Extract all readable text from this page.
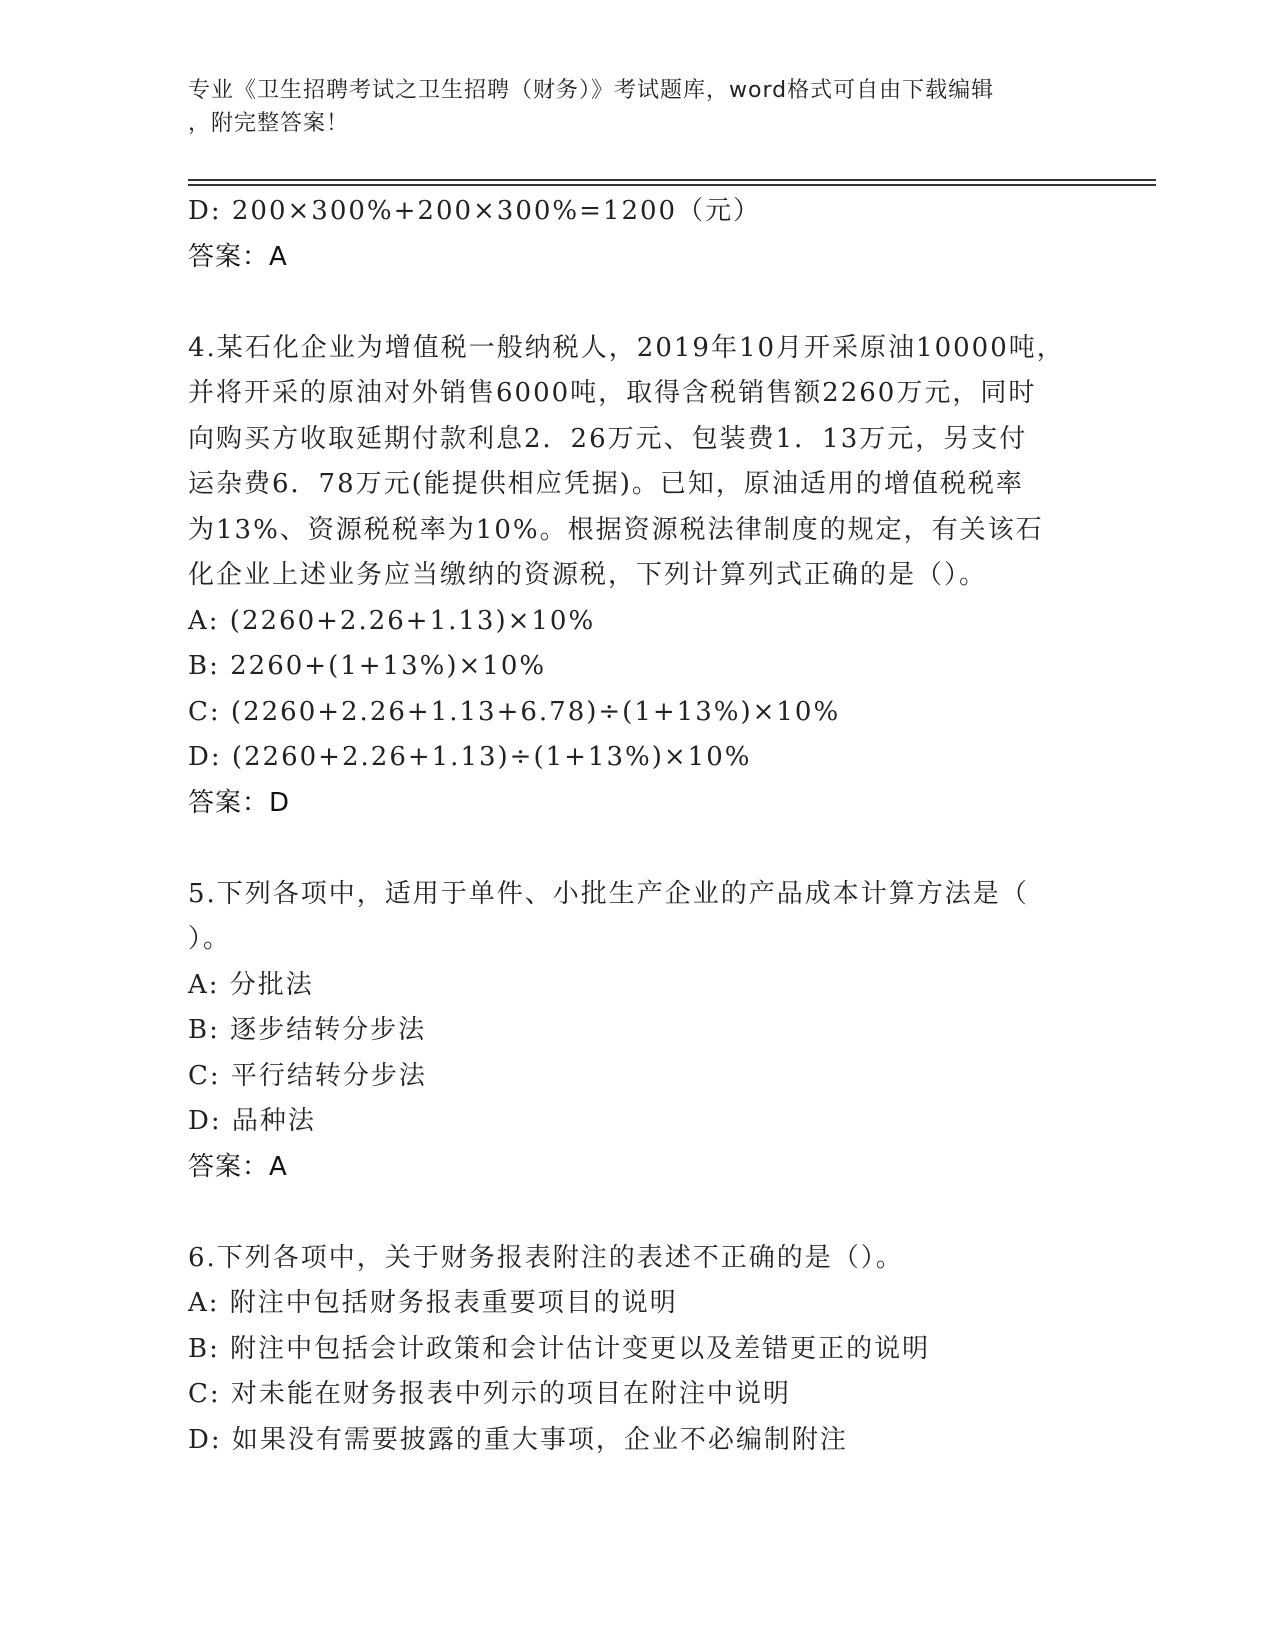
专业《卫生招聘考试之卫生招聘（财务）》考试题库，word格式可自由下载编辑
，附完整答案！
D: 200×300%+200×300%=1200（元）
答案：A
4.某石化企业为增值税一般纳税人，2019年10月开采原油10000吨，
并将开采的原油对外销售6000吨，取得含税销售额2260万元，同时
向购买方收取延期付款利息2．26万元、包装费1．13万元，另支付
运杂费6．78万元(能提供相应凭据)。已知，原油适用的增值税税率
为13%、资源税税率为10%。根据资源税法律制度的规定，有关该石
化企业上述业务应当缴纳的资源税，下列计算列式正确的是（）。
A: (2260+2.26+1.13)×10%
B: 2260+(1+13%)×10%
C: (2260+2.26+1.13+6.78)÷(1+13%)×10%
D: (2260+2.26+1.13)÷(1+13%)×10%
答案：D
5.下列各项中，适用于单件、小批生产企业的产品成本计算方法是（
）。
A: 分批法
B: 逐步结转分步法
C: 平行结转分步法
D: 品种法
答案：A
6.下列各项中，关于财务报表附注的表述不正确的是（）。
A: 附注中包括财务报表重要项目的说明
B: 附注中包括会计政策和会计估计变更以及差错更正的说明
C: 对未能在财务报表中列示的项目在附注中说明
D: 如果没有需要披露的重大事项，企业不必编制附注
